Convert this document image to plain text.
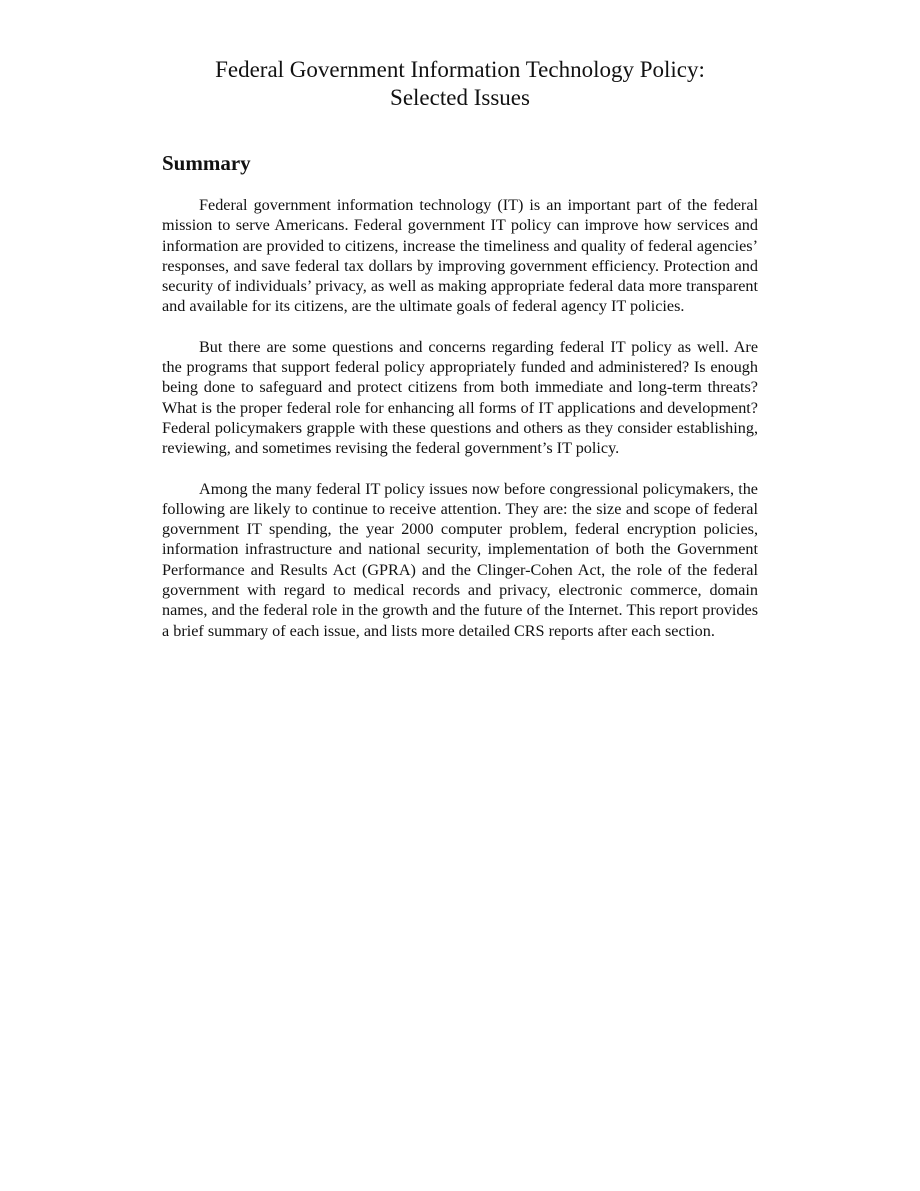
Federal Government Information Technology Policy:
Selected Issues
Summary

Federal government information technology (IT) is an important part of the federal mission to serve Americans. Federal government IT policy can improve how services and information are provided to citizens, increase the timeliness and quality of federal agencies’ responses, and save federal tax dollars by improving government efficiency. Protection and security of individuals’ privacy, as well as making appropriate federal data more transparent and available for its citizens, are the ultimate goals of federal agency IT policies.

But there are some questions and concerns regarding federal IT policy as well. Are the programs that support federal policy appropriately funded and administered? Is enough being done to safeguard and protect citizens from both immediate and long-term threats? What is the proper federal role for enhancing all forms of IT applications and development? Federal policymakers grapple with these questions and others as they consider establishing, reviewing, and sometimes revising the federal government’s IT policy.

Among the many federal IT policy issues now before congressional policymakers, the following are likely to continue to receive attention. They are: the size and scope of federal government IT spending, the year 2000 computer problem, federal encryption policies, information infrastructure and national security, implementation of both the Government Performance and Results Act (GPRA) and the Clinger-Cohen Act, the role of the federal government with regard to medical records and privacy, electronic commerce, domain names, and the federal role in the growth and the future of the Internet. This report provides a brief summary of each issue, and lists more detailed CRS reports after each section.
